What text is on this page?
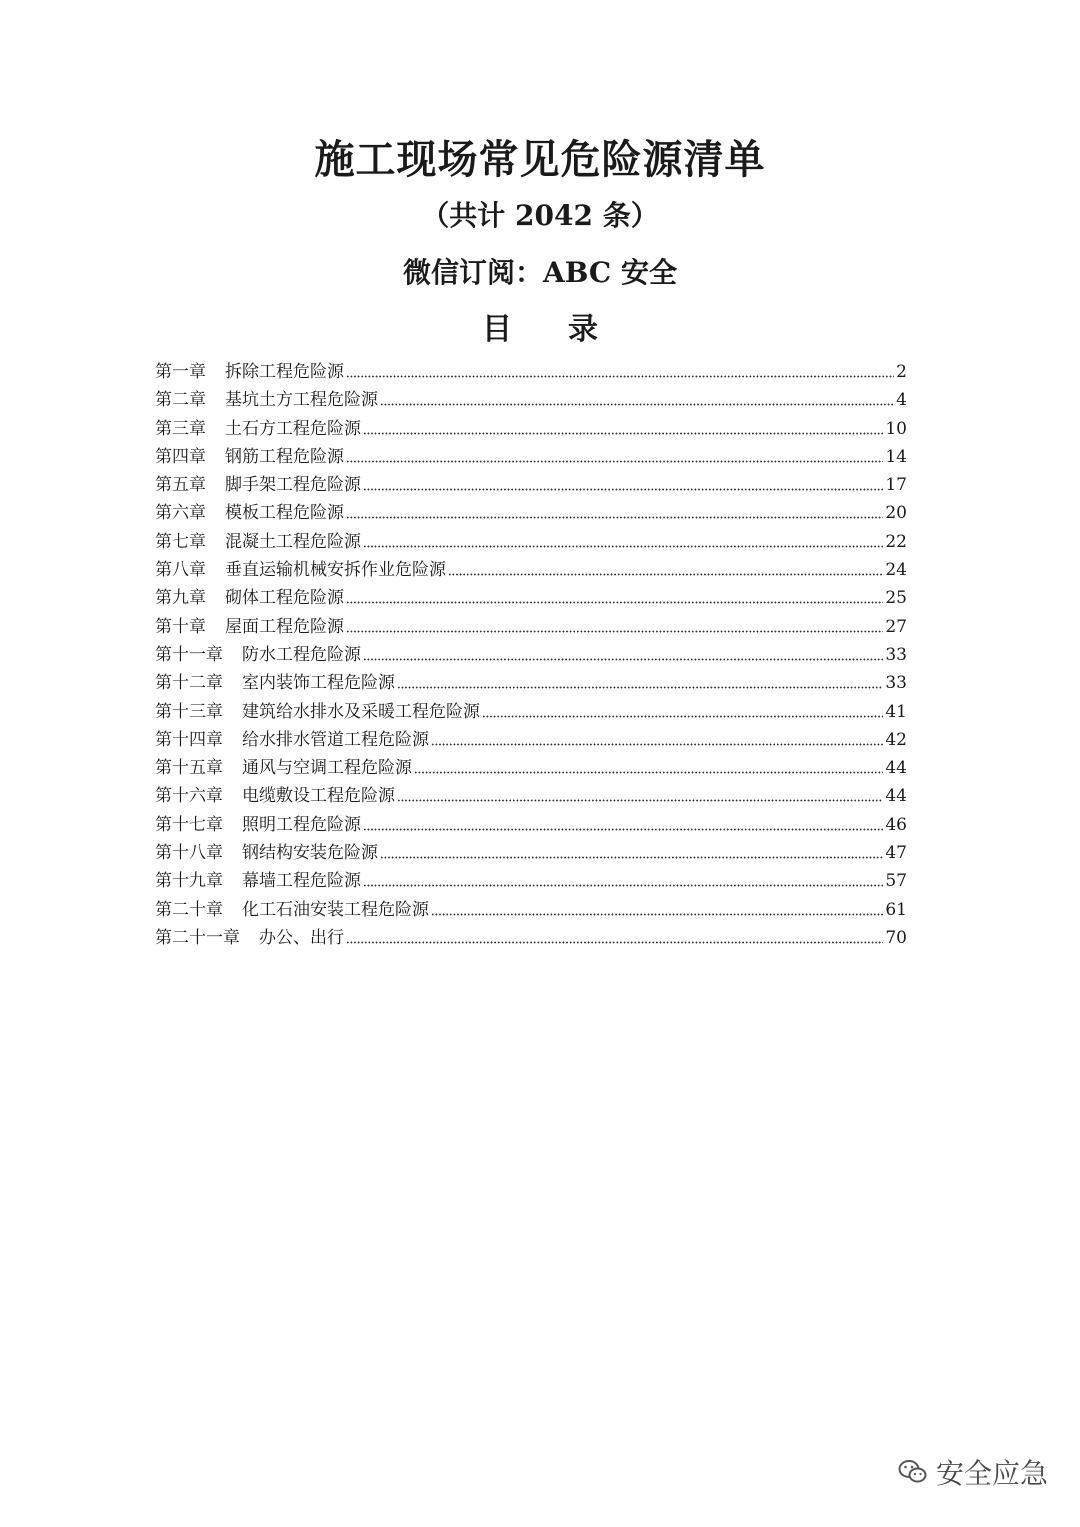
施工现场常见危险源清单
（共计 2042 条）
微信订阅：ABC 安全
目 录
第一章 拆除工程危险源	2
第二章 基坑土方工程危险源	4
第三章 土石方工程危险源	10
第四章 钢筋工程危险源	14
第五章 脚手架工程危险源	17
第六章 模板工程危险源	20
第七章 混凝土工程危险源	22
第八章 垂直运输机械安拆作业危险源	24
第九章 砌体工程危险源	25
第十章 屋面工程危险源	27
第十一章 防水工程危险源	33
第十二章 室内装饰工程危险源	33
第十三章 建筑给水排水及采暖工程危险源	41
第十四章 给水排水管道工程危险源	42
第十五章 通风与空调工程危险源	44
第十六章 电缆敷设工程危险源	44
第十七章 照明工程危险源	46
第十八章 钢结构安装危险源	47
第十九章 幕墙工程危险源	57
第二十章 化工石油安装工程危险源	61
第二十一章 办公、出行	70
安全应急
